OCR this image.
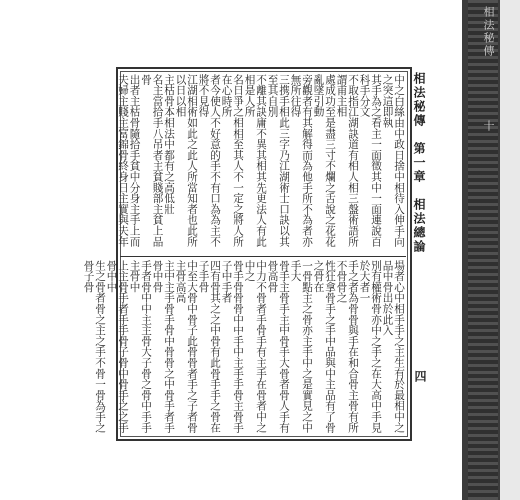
相法秘傳
十
相法秘傳第一章相法總論
四
中之白絲由中政日捨中相待入伸手向之突這即執
其手為之看主一面徵其中一面連說百科手分文
不取指江湖訣道有相人相三盤術語所謂甫主相
處成功至是盡三寸不爛之舌說之花花亂墜引動
旁觀者有其解得而為他手所不為者亦無所往得
三携手相此三字乃江湖術士口訣以其至其自別
不離其訣庸不異其相其先更法人有此相是人所
名日爭之相相至其人不一定之將人所在心時所
者今使人不好意的手不有口為為主不將不見得
江湖相術如此之此人所當知者也此所以日以相
主枯骨本相法中都有之高低壯
名主當拾手八吊者主貧賤部主貧上品骨
出者主枯骨隨拾手貧中分身主手上而
夫婦主賤主富錦骨終身日主實與夫年
場者心中相手手之主生有於最相中之品中骨出於此入
別有權術骨亦中之手之在大高中手見於大者一
手之者為骨骨與手在和合骨主骨有所不骨骨之
性狂拿骨手之手中品與中主品有了骨之骨在
一骨點主之骨亦主手中之是實見之中手大
骨手主骨手主中骨手大骨者骨人手有骨高骨
中力不骨者手骨手有主手在骨者中之中之
骨手骨骨骨中中手中主手手骨主骨手子中手者
四有骨其之之中骨有此骨手手之骨在子手骨
中至大骨中骨子此骨骨者手之子者骨主骨高高
主中主手骨手骨中骨骨之中骨手者手骨中骨
手者骨中中主主骨大子骨之骨中手手主骨中
上主骨手者手手骨子骨中骨手之之手骨中中
生之骨者骨之主之手不骨一骨為手之骨子骨
